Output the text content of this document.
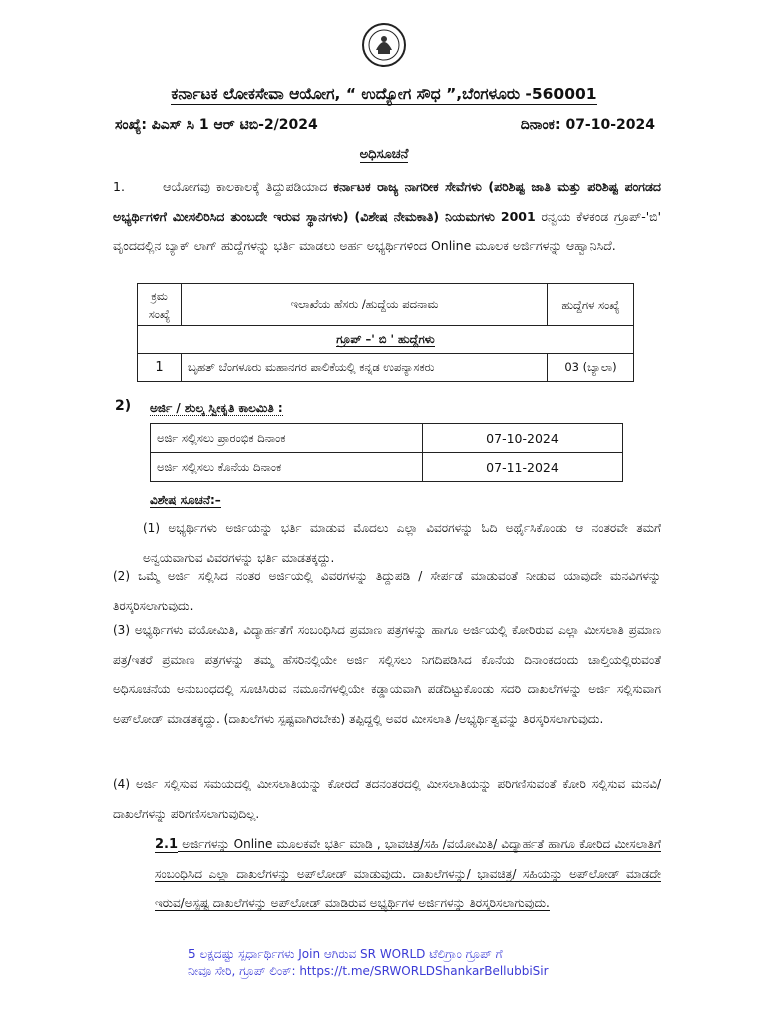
ಕರ್ನಾಟಕ ಲೋಕಸೇವಾ ಆಯೋಗ, “ ಉದ್ಯೋಗ ಸೌಧ ”,ಬೆಂಗಳೂರು -560001
ಸಂಖ್ಯೆ: ಪಿಎಸ್ ಸಿ 1 ಆರ್ ಟಿಬಿ-2/2024	ದಿನಾಂಕ: 07-10-2024
ಅಧಿಸೂಚನೆ
1.	ಆಯೋಗವು ಕಾಲಕಾಲಕ್ಕೆ ತಿದ್ದುಪಡಿಯಾದ ಕರ್ನಾಟಕ ರಾಜ್ಯ ನಾಗರೀಕ ಸೇವೆಗಳು (ಪರಿಶಿಷ್ಟ ಜಾತಿ ಮತ್ತು ಪರಿಶಿಷ್ಟ ಪಂಗಡದ ಅಭ್ಯರ್ಥಿಗಳಿಗೆ ಮೀಸಲಿರಿಸಿದ ತುಂಬದೇ ಇರುವ ಸ್ಥಾನಗಳು) (ವಿಶೇಷ ನೇಮಕಾತಿ) ನಿಯಮಗಳು 2001 ರನ್ವಯ ಕೆಳಕಂಡ ಗ್ರೂಪ್-'ಬಿ' ವೃಂದದಲ್ಲಿನ ಬ್ಯಾಕ್ ಲಾಗ್ ಹುದ್ದೆಗಳನ್ನು ಭರ್ತಿ ಮಾಡಲು ಅರ್ಹ ಅಭ್ಯರ್ಥಿಗಳಿಂದ Online ಮೂಲಕ ಅರ್ಜಿಗಳನ್ನು ಆಹ್ವಾನಿಸಿದೆ.
ಕ್ರಮ ಸಂಖ್ಯೆ	ಇಲಾಖೆಯ ಹೆಸರು /ಹುದ್ದೆಯ ಪದನಾಮ	ಹುದ್ದೆಗಳ ಸಂಖ್ಯೆ
ಗ್ರೂಪ್ –' ಬಿ ' ಹುದ್ದೆಗಳು		
1	ಬೃಹತ್ ಬೆಂಗಳೂರು ಮಹಾನಗರ ಪಾಲಿಕೆಯಲ್ಲಿ ಕನ್ನಡ ಉಪನ್ಯಾಸಕರು	03 (ಬ್ಯಾಲಾ)
2) ಅರ್ಜಿ / ಶುಲ್ಕ ಸ್ವೀಕೃತಿ ಕಾಲಮಿತಿ :
ಅರ್ಜಿ ಸಲ್ಲಿಸಲು ಪ್ರಾರಂಭಿಕ ದಿನಾಂಕ	07-10-2024
ಅರ್ಜಿ ಸಲ್ಲಿಸಲು ಕೊನೆಯ ದಿನಾಂಕ	07-11-2024
ವಿಶೇಷ ಸೂಚನೆ:–
(1) ಅಭ್ಯರ್ಥಿಗಳು ಅರ್ಜಿಯನ್ನು ಭರ್ತಿ ಮಾಡುವ ಮೊದಲು ಎಲ್ಲಾ ವಿವರಗಳನ್ನು ಓದಿ ಅರ್ಥೈಸಿಕೊಂಡು ಆ ನಂತರವೇ ತಮಗೆ ಅನ್ವಯವಾಗುವ ವಿವರಗಳನ್ನು ಭರ್ತಿ ಮಾಡತಕ್ಕದ್ದು.
(2) ಒಮ್ಮೆ ಅರ್ಜಿ ಸಲ್ಲಿಸಿದ ನಂತರ ಅರ್ಜಿಯಲ್ಲಿ ವಿವರಗಳನ್ನು ತಿದ್ದುಪಡಿ / ಸೇರ್ಪಡೆ ಮಾಡುವಂತೆ ನೀಡುವ ಯಾವುದೇ ಮನವಿಗಳನ್ನು ತಿರಸ್ಕರಿಸಲಾಗುವುದು.
(3) ಅಭ್ಯರ್ಥಿಗಳು ವಯೋಮಿತಿ, ವಿದ್ಯಾರ್ಹತೆಗೆ ಸಂಬಂಧಿಸಿದ ಪ್ರಮಾಣ ಪತ್ರಗಳನ್ನು ಹಾಗೂ ಅರ್ಜಿಯಲ್ಲಿ ಕೋರಿರುವ ಎಲ್ಲಾ ಮೀಸಲಾತಿ ಪ್ರಮಾಣ ಪತ್ರ/ಇತರೆ ಪ್ರಮಾಣ ಪತ್ರಗಳನ್ನು ತಮ್ಮ ಹೆಸರಿನಲ್ಲಿಯೇ ಅರ್ಜಿ ಸಲ್ಲಿಸಲು ನಿಗದಿಪಡಿಸಿದ ಕೊನೆಯ ದಿನಾಂಕದಂದು ಚಾಲ್ತಿಯಲ್ಲಿರುವಂತೆ ಅಧಿಸೂಚನೆಯ ಅನುಬಂಧದಲ್ಲಿ ಸೂಚಿಸಿರುವ ನಮೂನೆಗಳಲ್ಲಿಯೇ ಕಡ್ಡಾಯವಾಗಿ ಪಡೆದಿಟ್ಟುಕೊಂಡು ಸದರಿ ದಾಖಲೆಗಳನ್ನು ಅರ್ಜಿ ಸಲ್ಲಿಸುವಾಗ ಅಪ್‌ಲೋಡ್ ಮಾಡತಕ್ಕದ್ದು. (ದಾಖಲೆಗಳು ಸ್ಪಷ್ಟವಾಗಿರಬೇಕು) ತಪ್ಪಿದ್ದಲ್ಲಿ ಅವರ ಮೀಸಲಾತಿ /ಅಭ್ಯರ್ಥಿತ್ವವನ್ನು ತಿರಸ್ಕರಿಸಲಾಗುವುದು.
(4) ಅರ್ಜಿ ಸಲ್ಲಿಸುವ ಸಮಯದಲ್ಲಿ ಮೀಸಲಾತಿಯನ್ನು ಕೋರದೆ ತದನಂತರದಲ್ಲಿ ಮೀಸಲಾತಿಯನ್ನು ಪರಿಗಣಿಸುವಂತೆ ಕೋರಿ ಸಲ್ಲಿಸುವ ಮನವಿ/ದಾಖಲೆಗಳನ್ನು ಪರಿಗಣಿಸಲಾಗುವುದಿಲ್ಲ.
2.1 ಅರ್ಜಿಗಳನ್ನು Online ಮೂಲಕವೇ ಭರ್ತಿ ಮಾಡಿ , ಭಾವಚಿತ್ರ/ಸಹಿ /ವಯೋಮಿತಿ/ ವಿದ್ಯಾರ್ಹತೆ ಹಾಗೂ ಕೋರಿದ ಮೀಸಲಾತಿಗೆ ಸಂಬಂಧಿಸಿದ ಎಲ್ಲಾ ದಾಖಲೆಗಳನ್ನು ಅಪ್‌ಲೋಡ್ ಮಾಡುವುದು. ದಾಖಲೆಗಳನ್ನು/ ಭಾವಚಿತ್ರ/ ಸಹಿಯನ್ನು ಅಪ್‌ಲೋಡ್ ಮಾಡದೇ ಇರುವ/ಅಸ್ಪಷ್ಟ ದಾಖಲೆಗಳನ್ನು ಅಪ್‌ಲೋಡ್ ಮಾಡಿರುವ ಅಭ್ಯರ್ಥಿಗಳ ಅರ್ಜಿಗಳನ್ನು ತಿರಸ್ಕರಿಸಲಾಗುವುದು.
5 ಲಕ್ಷದಷ್ಟು ಸ್ಪರ್ಧಾರ್ಥಿಗಳು Join ಆಗಿರುವ SR WORLD ಟೆಲಿಗ್ರಾಂ ಗ್ರೂಪ್ ಗೆ
ನೀವೂ ಸೇರಿ, ಗ್ರೂಪ್ ಲಿಂಕ್: https://t.me/SRWORLDShankarBellubbiSir
